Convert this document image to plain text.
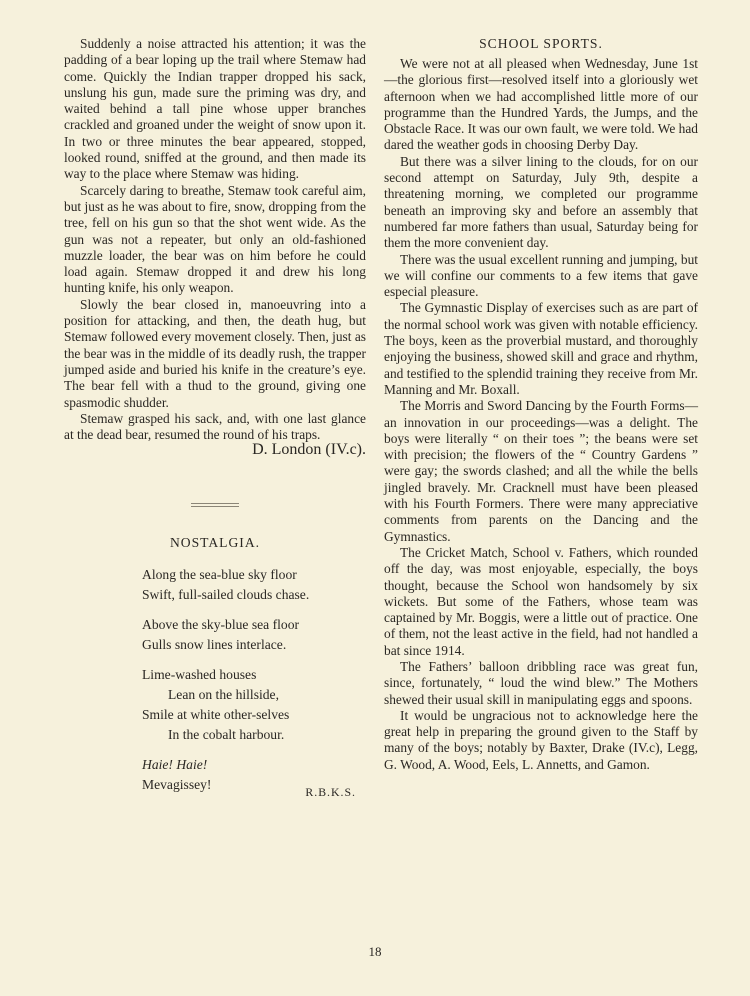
Suddenly a noise attracted his attention; it was the padding of a bear loping up the trail where Stemaw had come. Quickly the Indian trapper dropped his sack, unslung his gun, made sure the priming was dry, and waited behind a tall pine whose upper branches crackled and groaned under the weight of snow upon it. In two or three minutes the bear appeared, stopped, looked round, sniffed at the ground, and then made its way to the place where Stemaw was hiding.

Scarcely daring to breathe, Stemaw took careful aim, but just as he was about to fire, snow, dropping from the tree, fell on his gun so that the shot went wide. As the gun was not a repeater, but only an old-fashioned muzzle loader, the bear was on him before he could load again. Stemaw dropped it and drew his long hunting knife, his only weapon.

Slowly the bear closed in, manoeuvring into a position for attacking, and then, the death hug, but Stemaw followed every movement closely. Then, just as the bear was in the middle of its deadly rush, the trapper jumped aside and buried his knife in the creature’s eye. The bear fell with a thud to the ground, giving one spasmodic shudder.

Stemaw grasped his sack, and, with one last glance at the dead bear, resumed the round of his traps.

D. London (IV.c).
NOSTALGIA.
Along the sea-blue sky floor
Swift, full-sailed clouds chase.
Above the sky-blue sea floor
Gulls snow lines interlace.
Lime-washed houses
Lean on the hillside,
Smile at white other-selves
In the cobalt harbour.
Haie! Haie!
Mevagissey!	R.B.K.S.
SCHOOL SPORTS.

We were not at all pleased when Wednesday, June 1st—the glorious first—resolved itself into a gloriously wet afternoon when we had accomplished little more of our programme than the Hundred Yards, the Jumps, and the Obstacle Race. It was our own fault, we were told. We had dared the weather gods in choosing Derby Day.

But there was a silver lining to the clouds, for on our second attempt on Saturday, July 9th, despite a threatening morning, we completed our programme beneath an improving sky and before an assembly that numbered far more fathers than usual, Saturday being for them the more convenient day.

There was the usual excellent running and jumping, but we will confine our comments to a few items that gave especial pleasure.

The Gymnastic Display of exercises such as are part of the normal school work was given with notable efficiency. The boys, keen as the proverbial mustard, and thoroughly enjoying the business, showed skill and grace and rhythm, and testified to the splendid training they receive from Mr. Manning and Mr. Boxall.

The Morris and Sword Dancing by the Fourth Forms—an innovation in our proceedings—was a delight. The boys were literally “ on their toes ”; the beans were set with precision; the flowers of the “ Country Gardens ” were gay; the swords clashed; and all the while the bells jingled bravely. Mr. Cracknell must have been pleased with his Fourth Formers. There were many appreciative comments from parents on the Dancing and the Gymnastics.

The Cricket Match, School v. Fathers, which rounded off the day, was most enjoyable, especially, the boys thought, because the School won handsomely by six wickets. But some of the Fathers, whose team was captained by Mr. Boggis, were a little out of practice. One of them, not the least active in the field, had not handled a bat since 1914.

The Fathers’ balloon dribbling race was great fun, since, fortunately, “ loud the wind blew.” The Mothers shewed their usual skill in manipulating eggs and spoons.

It would be ungracious not to acknowledge here the great help in preparing the ground given to the Staff by many of the boys; notably by Baxter, Drake (IV.c), Legg, G. Wood, A. Wood, Eels, L. Annetts, and Gamon.

18
